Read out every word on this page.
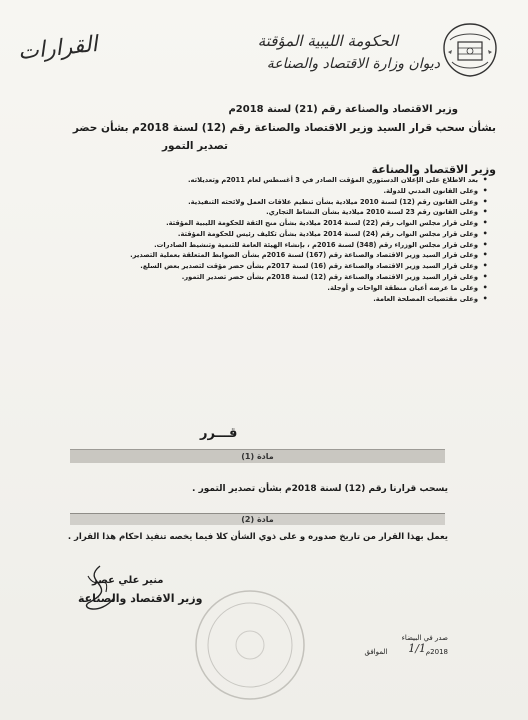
الحكومة الليبية المؤقتة
ديوان وزارة الاقتصاد والصناعة
القرارات
وزير الاقتصاد والصناعة رقم (21) لسنة 2018م
بشأن سحب قرار السيد وزير الاقتصاد والصناعة رقم (12) لسنة 2018م بشأن حضر
تصدير التمور
وزير الاقتصاد والصناعة
• بعد الاطلاع على الإعلان الدستوري المؤقت الصادر في 3 أغسطس لعام 2011م وتعديلاته.
• وعلى القانون المدني للدولة.
• وعلى القانون رقم (12) لسنة 2010 ميلادية بشأن تنظيم علاقات العمل ولائحته التنفيذية.
• وعلى القانون رقم 23 لسنة 2010 ميلادية بشأن النشاط التجاري.
• وعلى قرار مجلس النواب رقم (22) لسنة 2014 ميلادية بشأن منح الثقة للحكومة الليبية المؤقتة.
• وعلى قرار مجلس النواب رقم (24) لسنة 2014 ميلادية بشأن تكليف رئيس للحكومة المؤقتة.
• وعلى قرار مجلس الوزراء رقم (348) لسنة 2016م ، بإنشاء الهيئة العامة للتنمية وتنشيط الصادرات.
• وعلى قرار السيد وزير الاقتصاد والصناعة رقم (167) لسنة 2016م بشأن الضوابط المتعلقة بعملية التصدير.
• وعلى قرار السيد وزير الاقتصاد والصناعة رقم (16) لسنة 2017م بشأن حضر مؤقت لتصدير بعض السلع.
• وعلى قرار السيد وزير الاقتصاد والصناعة رقم (12) لسنة 2018م بشأن حضر تصدير التمور.
• وعلى ما عرضه أعيان منطقة الواحات و أوجلة.
• وعلى مقتضيات المصلحة العامة.
قـــرر
مادة (1)
يسحب قرارنا رقم (12) لسنة 2018م بشأن تصدير التمور .
مادة (2)
يعمل بهذا القرار من تاريخ صدوره و على ذوي الشأن كلا فيما يخصه تنفيذ احكام هذا القرار .
منير علي عصر
وزير الاقتصاد والصناعة
صدر في البيضاء
1/1 2018م  الموافق
